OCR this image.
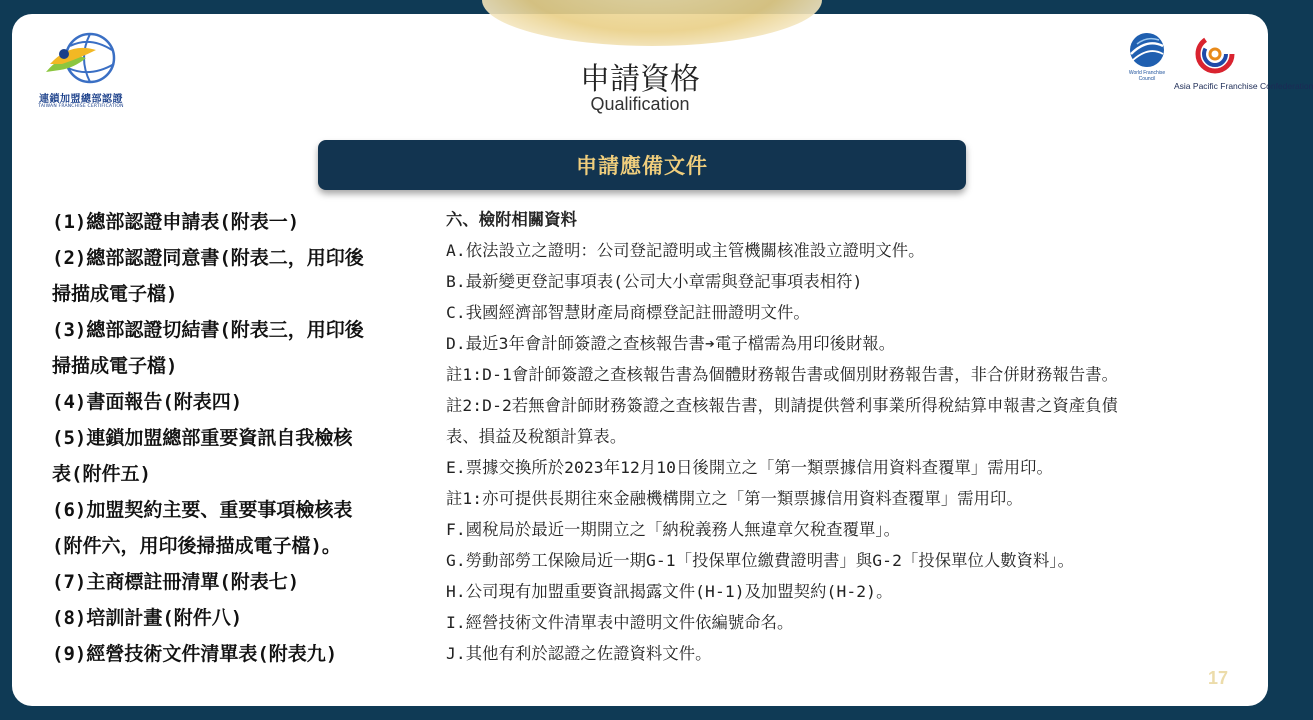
連鎖加盟總部認證
TAIWAN FRANCHISE CERTIFICATION
申請資格
Qualification
World Franchise Council
Asia Pacific Franchise Confederation
申請應備文件
(1)總部認證申請表(附表一)
(2)總部認證同意書(附表二，用印後
掃描成電子檔)
(3)總部認證切結書(附表三，用印後
掃描成電子檔)
(4)書面報告(附表四)
(5)連鎖加盟總部重要資訊自我檢核
表(附件五)
(6)加盟契約主要、重要事項檢核表
(附件六，用印後掃描成電子檔)。
(7)主商標註冊清單(附表七)
(8)培訓計畫(附件八)
(9)經營技術文件清單表(附表九)

六、檢附相關資料

A.依法設立之證明：公司登記證明或主管機關核准設立證明文件。

B.最新變更登記事項表(公司大小章需與登記事項表相符)

C.我國經濟部智慧財產局商標登記註冊證明文件。

D.最近3年會計師簽證之查核報告書➔電子檔需為用印後財報。

註1:D-1會計師簽證之查核報告書為個體財務報告書或個別財務報告書，非合併財務報告書。

註2:D-2若無會計師財務簽證之查核報告書，則請提供營利事業所得稅結算申報書之資產負債

表、損益及稅額計算表。

E.票據交換所於2023年12月10日後開立之「第一類票據信用資料查覆單」需用印。

註1:亦可提供長期往來金融機構開立之「第一類票據信用資料查覆單」需用印。

F.國稅局於最近一期開立之「納稅義務人無違章欠稅查覆單」。

G.勞動部勞工保險局近一期G-1「投保單位繳費證明書」與G-2「投保單位人數資料」。

H.公司現有加盟重要資訊揭露文件(H-1)及加盟契約(H-2)。

I.經營技術文件清單表中證明文件依編號命名。

J.其他有利於認證之佐證資料文件。

17
